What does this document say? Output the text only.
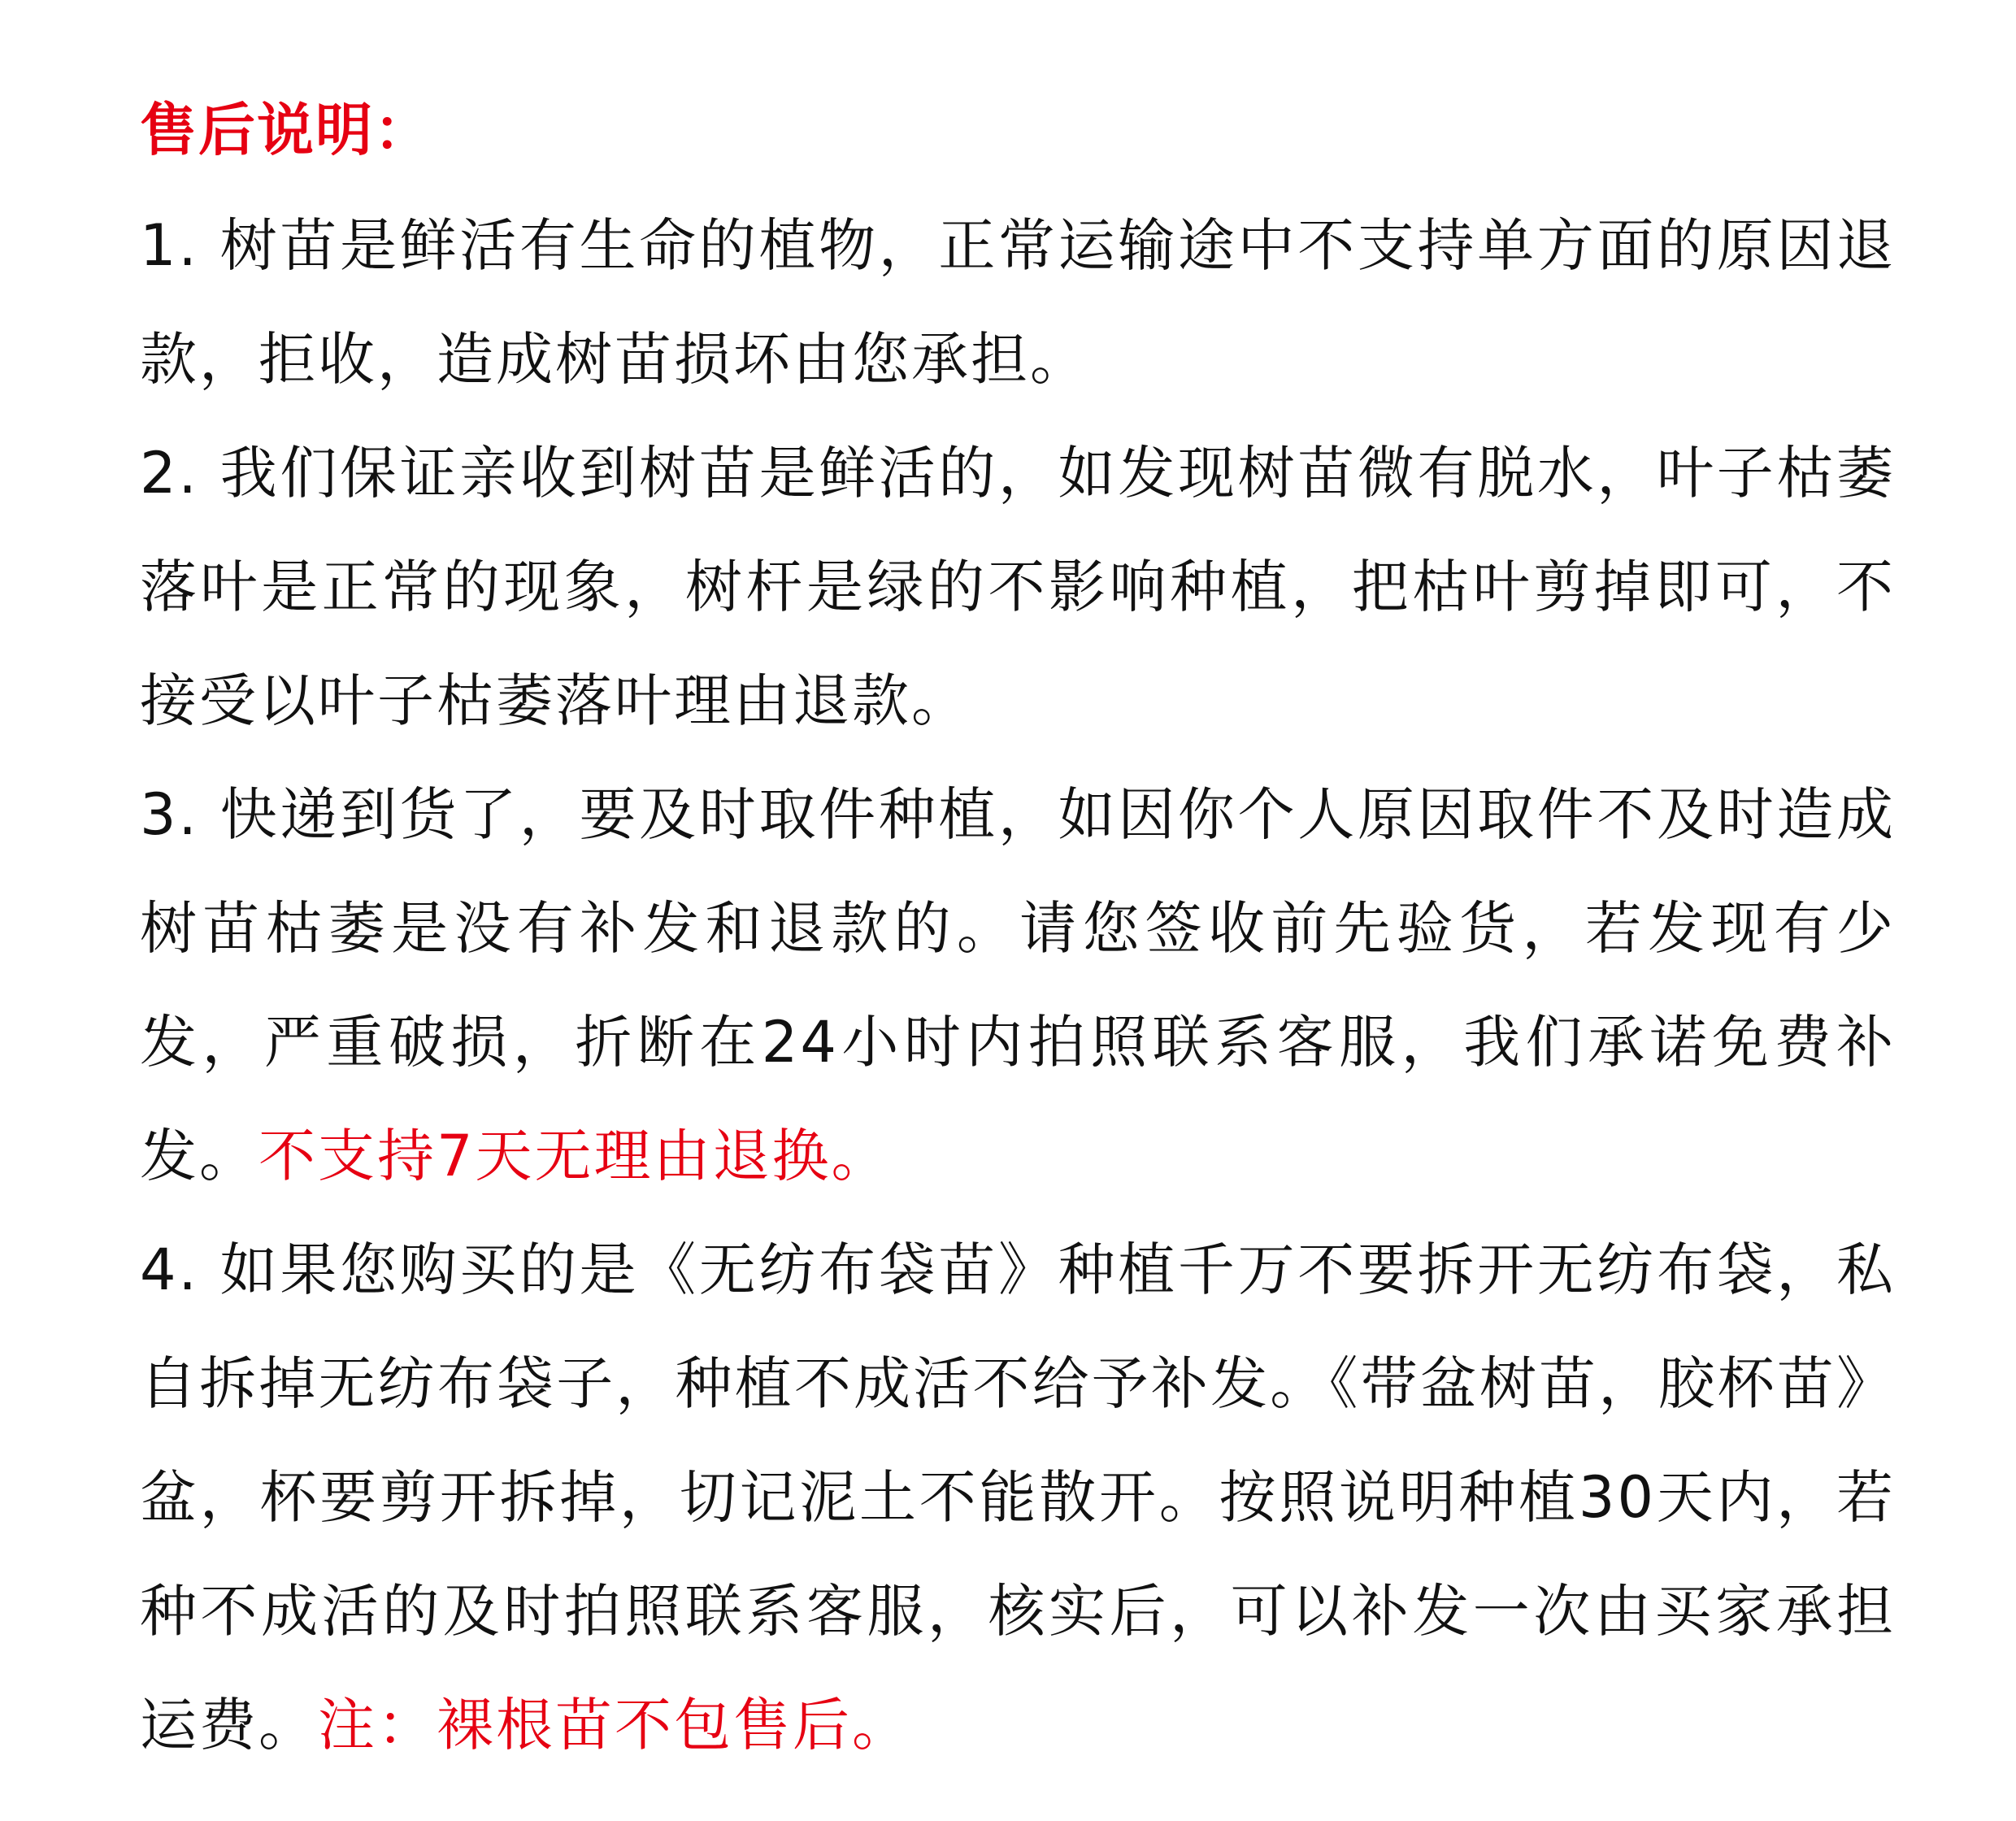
售后说明：

1. 树苗是鲜活有生命的植物，正常运输途中不支持单方面的原因退款，拒收，造成树苗损坏由您承担。

2. 我们保证亲收到树苗是鲜活的，如发现树苗微有脱水，叶子枯萎落叶是正常的现象，树杆是绿的不影响种植，把枯叶剪掉即可，不接受以叶子枯萎落叶理由退款。

3. 快递到货了，要及时取件种植，如因你个人原因取件不及时造成树苗枯萎是没有补发和退款的。请您签收前先验货，若发现有少发，严重破损，折断在24小时内拍照联系客服，我们承诺免费补发。不支持7天无理由退换。

4. 如果您购买的是《无纺布袋苗》种植千万不要拆开无纺布袋，私自拆掉无纺布袋子，种植不成活不给予补发。《带盆树苗，胶杯苗》盆，杯要剪开拆掉，切记泥土不能散开。按照说明种植30天内，若种不成活的及时拍照联系客服，核实后，可以补发一次由买家承担运费。注：裸根苗不包售后。
